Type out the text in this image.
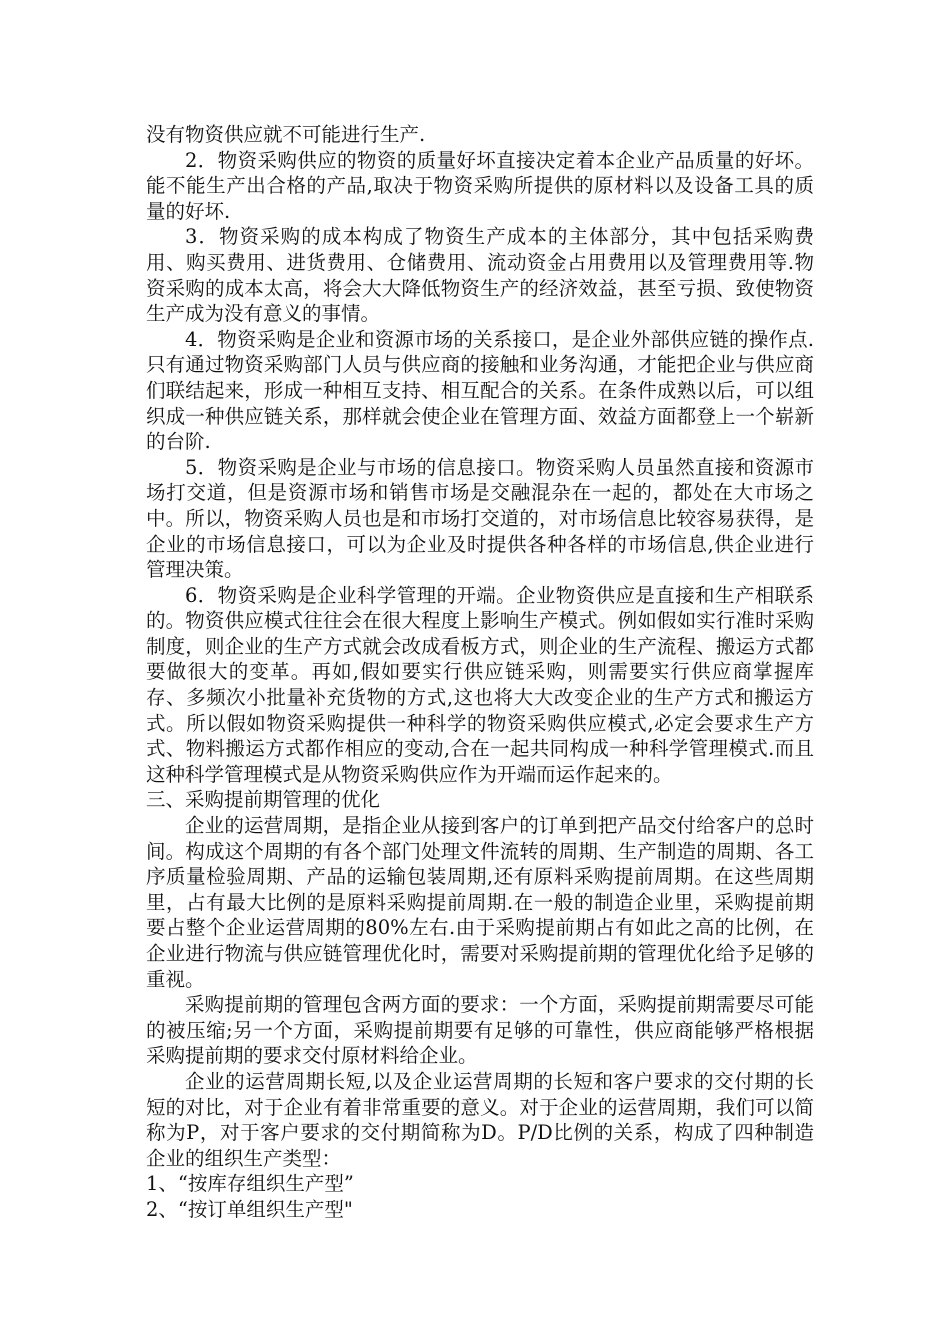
没有物资供应就不可能进行生产.

2．物资采购供应的物资的质量好坏直接决定着本企业产品质量的好坏。能不能生产出合格的产品,取决于物资采购所提供的原材料以及设备工具的质量的好坏.

3．物资采购的成本构成了物资生产成本的主体部分，其中包括采购费用、购买费用、进货费用、仓储费用、流动资金占用费用以及管理费用等.物资采购的成本太高，将会大大降低物资生产的经济效益，甚至亏损、致使物资生产成为没有意义的事情。

4．物资采购是企业和资源市场的关系接口，是企业外部供应链的操作点.只有通过物资采购部门人员与供应商的接触和业务沟通，才能把企业与供应商们联结起来，形成一种相互支持、相互配合的关系。在条件成熟以后，可以组织成一种供应链关系，那样就会使企业在管理方面、效益方面都登上一个崭新的台阶.

5．物资采购是企业与市场的信息接口。物资采购人员虽然直接和资源市场打交道，但是资源市场和销售市场是交融混杂在一起的，都处在大市场之中。所以，物资采购人员也是和市场打交道的，对市场信息比较容易获得，是企业的市场信息接口，可以为企业及时提供各种各样的市场信息,供企业进行管理决策。

6．物资采购是企业科学管理的开端。企业物资供应是直接和生产相联系的。物资供应模式往往会在很大程度上影响生产模式。例如假如实行准时采购制度，则企业的生产方式就会改成看板方式，则企业的生产流程、搬运方式都要做很大的变革。再如,假如要实行供应链采购，则需要实行供应商掌握库存、多频次小批量补充货物的方式,这也将大大改变企业的生产方式和搬运方式。所以假如物资采购提供一种科学的物资采购供应模式,必定会要求生产方式、物料搬运方式都作相应的变动,合在一起共同构成一种科学管理模式.而且这种科学管理模式是从物资采购供应作为开端而运作起来的。

三、采购提前期管理的优化

企业的运营周期，是指企业从接到客户的订单到把产品交付给客户的总时间。构成这个周期的有各个部门处理文件流转的周期、生产制造的周期、各工序质量检验周期、产品的运输包装周期,还有原料采购提前周期。在这些周期里，占有最大比例的是原料采购提前周期.在一般的制造企业里，采购提前期要占整个企业运营周期的80%左右.由于采购提前期占有如此之高的比例，在企业进行物流与供应链管理优化时，需要对采购提前期的管理优化给予足够的重视。

采购提前期的管理包含两方面的要求：一个方面，采购提前期需要尽可能的被压缩;另一个方面，采购提前期要有足够的可靠性，供应商能够严格根据采购提前期的要求交付原材料给企业。

企业的运营周期长短,以及企业运营周期的长短和客户要求的交付期的长短的对比，对于企业有着非常重要的意义。对于企业的运营周期，我们可以简称为P，对于客户要求的交付期简称为D。P/D比例的关系，构成了四种制造企业的组织生产类型：

1、“按库存组织生产型”

2、“按订单组织生产型"
